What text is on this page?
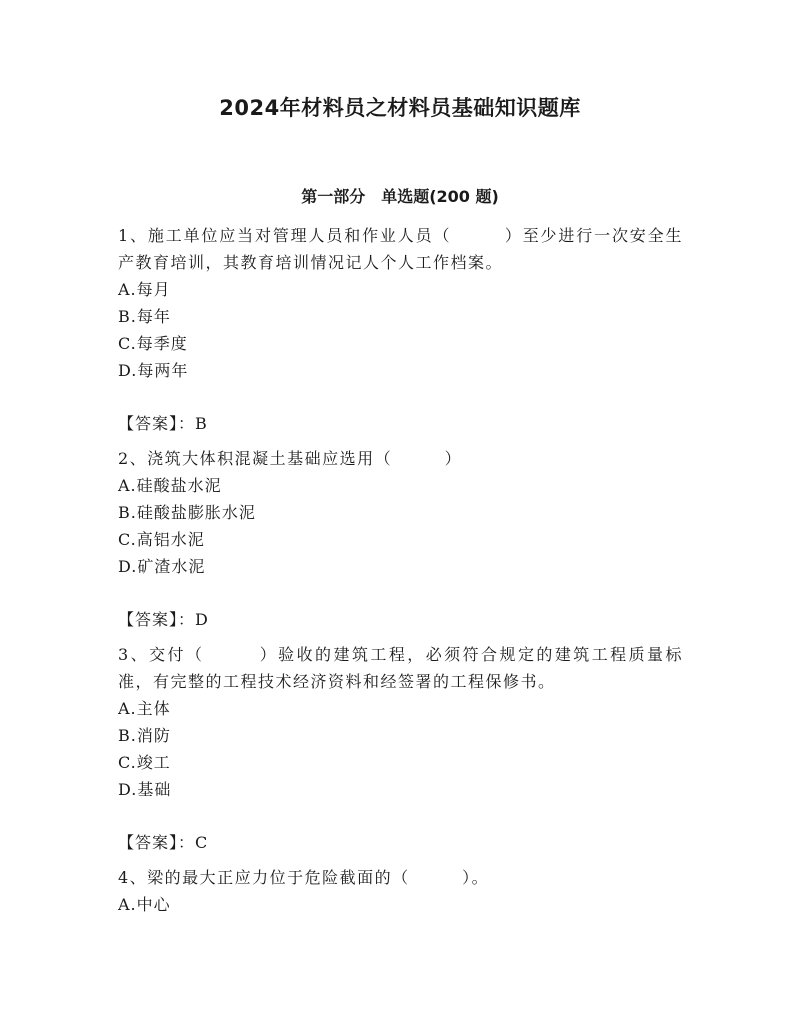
2024年材料员之材料员基础知识题库
第一部分　单选题(200 题)

1、施工单位应当对管理人员和作业人员（　　　）至少进行一次安全生产教育培训，其教育培训情况记人个人工作档案。

A.每月
B.每年
C.每季度
D.每两年

【答案】：B

2、浇筑大体积混凝土基础应选用（　　　）

A.硅酸盐水泥
B.硅酸盐膨胀水泥
C.高铝水泥
D.矿渣水泥

【答案】：D

3、交付（　　　）验收的建筑工程，必须符合规定的建筑工程质量标准，有完整的工程技术经济资料和经签署的工程保修书。

A.主体
B.消防
C.竣工
D.基础

【答案】：C

4、梁的最大正应力位于危险截面的（　　　）。

A.中心
